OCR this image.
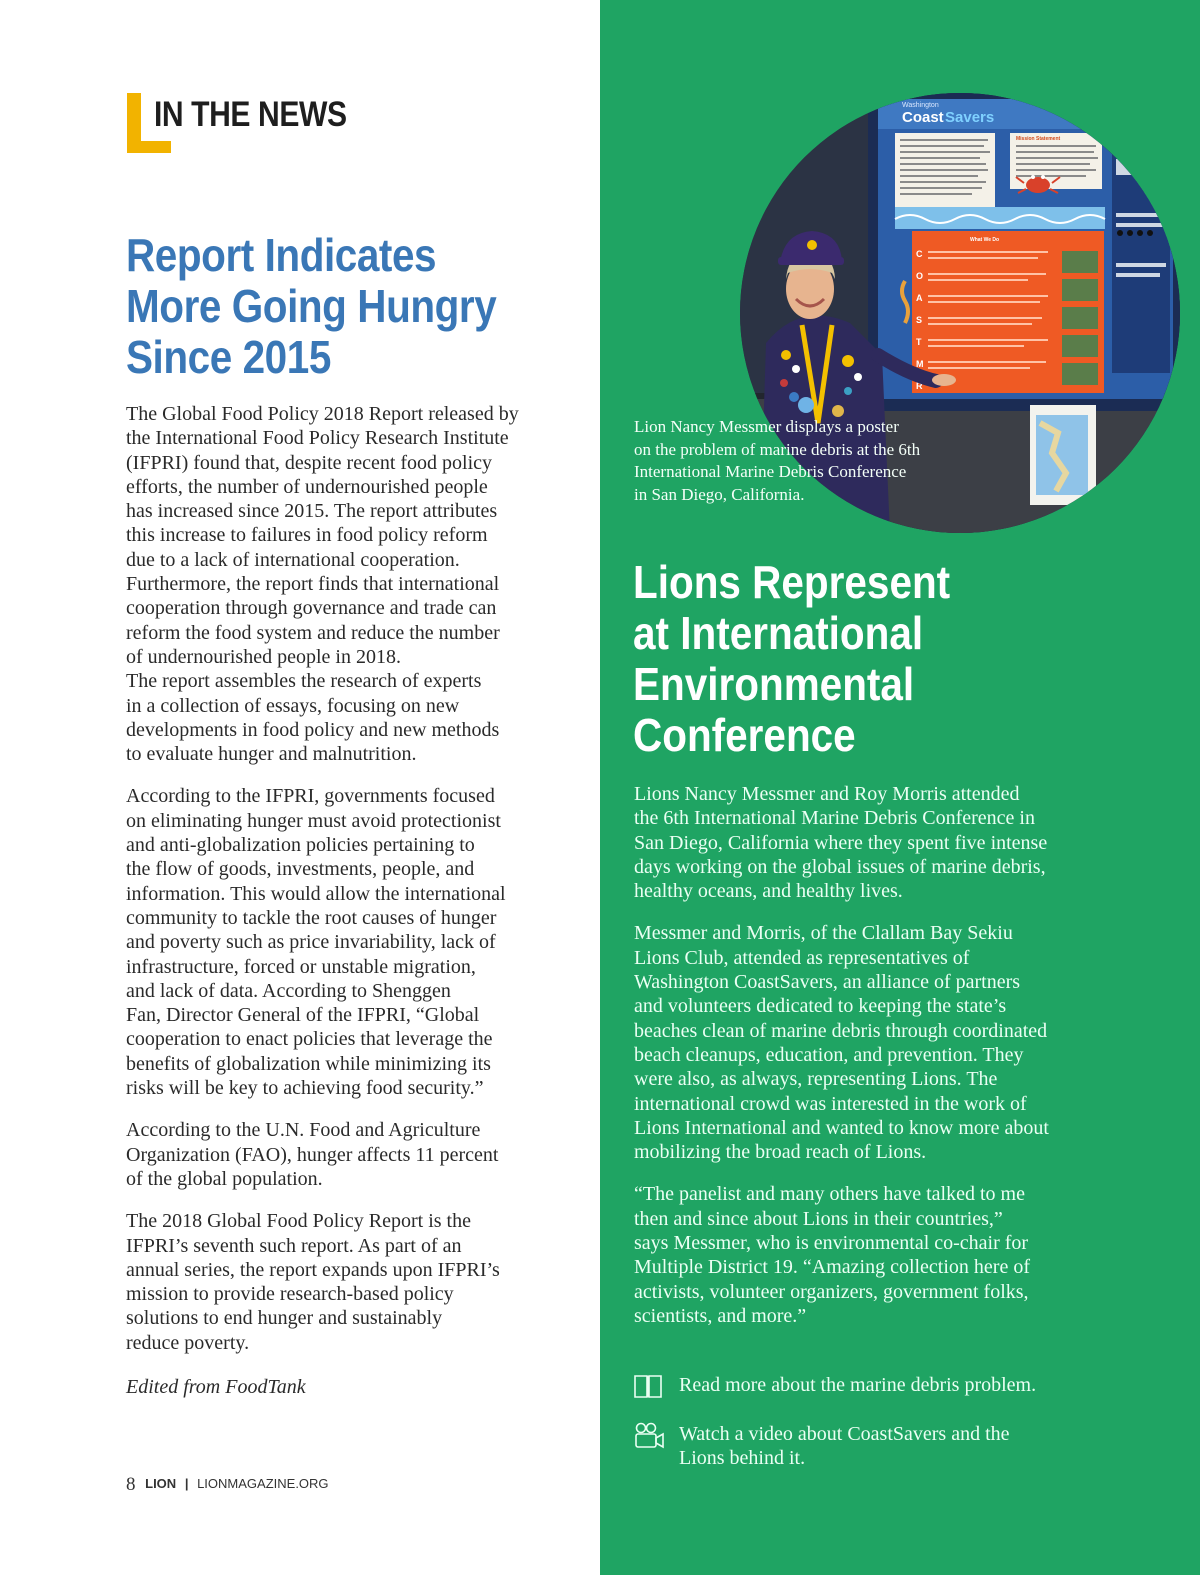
IN THE NEWS
Report Indicates
More Going Hungry
Since 2015

The Global Food Policy 2018 Report released by
the International Food Policy Research Institute
(IFPRI) found that, despite recent food policy
efforts, the number of undernourished people
has increased since 2015. The report attributes
this increase to failures in food policy reform
due to a lack of international cooperation.
Furthermore, the report finds that international
cooperation through governance and trade can
reform the food system and reduce the number
of undernourished people in 2018.
The report assembles the research of experts
in a collection of essays, focusing on new
developments in food policy and new methods
to evaluate hunger and malnutrition.

According to the IFPRI, governments focused
on eliminating hunger must avoid protectionist
and anti-globalization policies pertaining to
the flow of goods, investments, people, and
information. This would allow the international
community to tackle the root causes of hunger
and poverty such as price invariability, lack of
infrastructure, forced or unstable migration,
and lack of data. According to Shenggen
Fan, Director General of the IFPRI, “Global
cooperation to enact policies that leverage the
benefits of globalization while minimizing its
risks will be key to achieving food security.”

According to the U.N. Food and Agriculture
Organization (FAO), hunger affects 11 percent
of the global population.

The 2018 Global Food Policy Report is the
IFPRI’s seventh such report. As part of an
annual series, the report expands upon IFPRI’s
mission to provide research-based policy
solutions to end hunger and sustainably
reduce poverty.

Edited from FoodTank
8 LION | LIONMAGAZINE.ORG
Washington
Coast Savers
Mission Statement
What We Do
C
O
A
S
T
M
R
Lion Nancy Messmer displays a poster
on the problem of marine debris at the 6th
International Marine Debris Conference
in San Diego, California.
Lions Represent
at International
Environmental
Conference

Lions Nancy Messmer and Roy Morris attended
the 6th International Marine Debris Conference in
San Diego, California where they spent five intense
days working on the global issues of marine debris,
healthy oceans, and healthy lives.

Messmer and Morris, of the Clallam Bay Sekiu
Lions Club, attended as representatives of
Washington CoastSavers, an alliance of partners
and volunteers dedicated to keeping the state’s
beaches clean of marine debris through coordinated
beach cleanups, education, and prevention. They
were also, as always, representing Lions. The
international crowd was interested in the work of
Lions International and wanted to know more about
mobilizing the broad reach of Lions.

“The panelist and many others have talked to me
then and since about Lions in their countries,”
says Messmer, who is environmental co-chair for
Multiple District 19. “Amazing collection here of
activists, volunteer organizers, government folks,
scientists, and more.”

Read more about the marine debris problem.
Watch a video about CoastSavers and the
Lions behind it.
